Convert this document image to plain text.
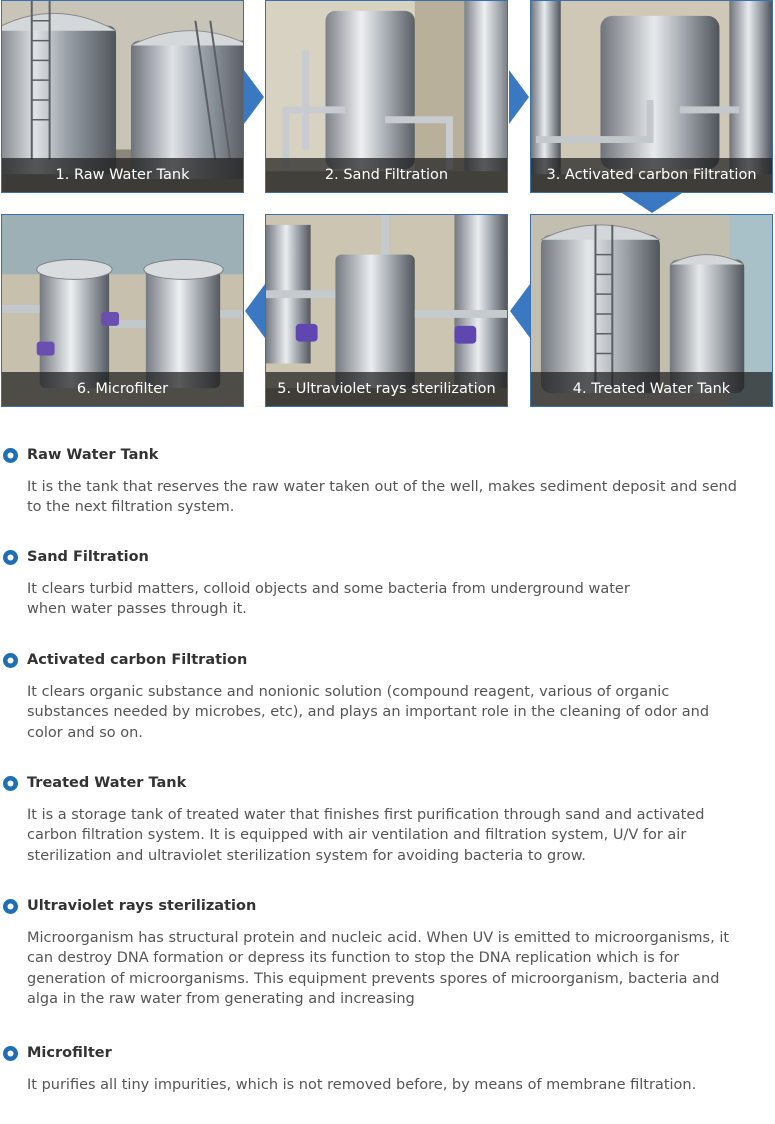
1. Raw Water Tank	2. Sand Filtration	3. Activated carbon Filtration
6. Microfilter	5. Ultraviolet rays sterilization	4. Treated Water Tank
Raw Water Tank

It is the tank that reserves the raw water taken out of the well, makes sediment deposit and send to the next filtration system.

Sand Filtration

It clears turbid matters, colloid objects and some bacteria from underground water when water passes through it.

Activated carbon Filtration

It clears organic substance and nonionic solution (compound reagent, various of organic substances needed by microbes, etc), and plays an important role in the cleaning of odor and color and so on.

Treated Water Tank

It is a storage tank of treated water that finishes first purification through sand and activated carbon filtration system. It is equipped with air ventilation and filtration system, U/V for air sterilization and ultraviolet sterilization system for avoiding bacteria to grow.

Ultraviolet rays sterilization

Microorganism has structural protein and nucleic acid. When UV is emitted to microorganisms, it can destroy DNA formation or depress its function to stop the DNA replication which is for generation of microorganisms. This equipment prevents spores of microorganism, bacteria and alga in the raw water from generating and increasing

Microfilter

It purifies all tiny impurities, which is not removed before, by means of membrane filtration.
